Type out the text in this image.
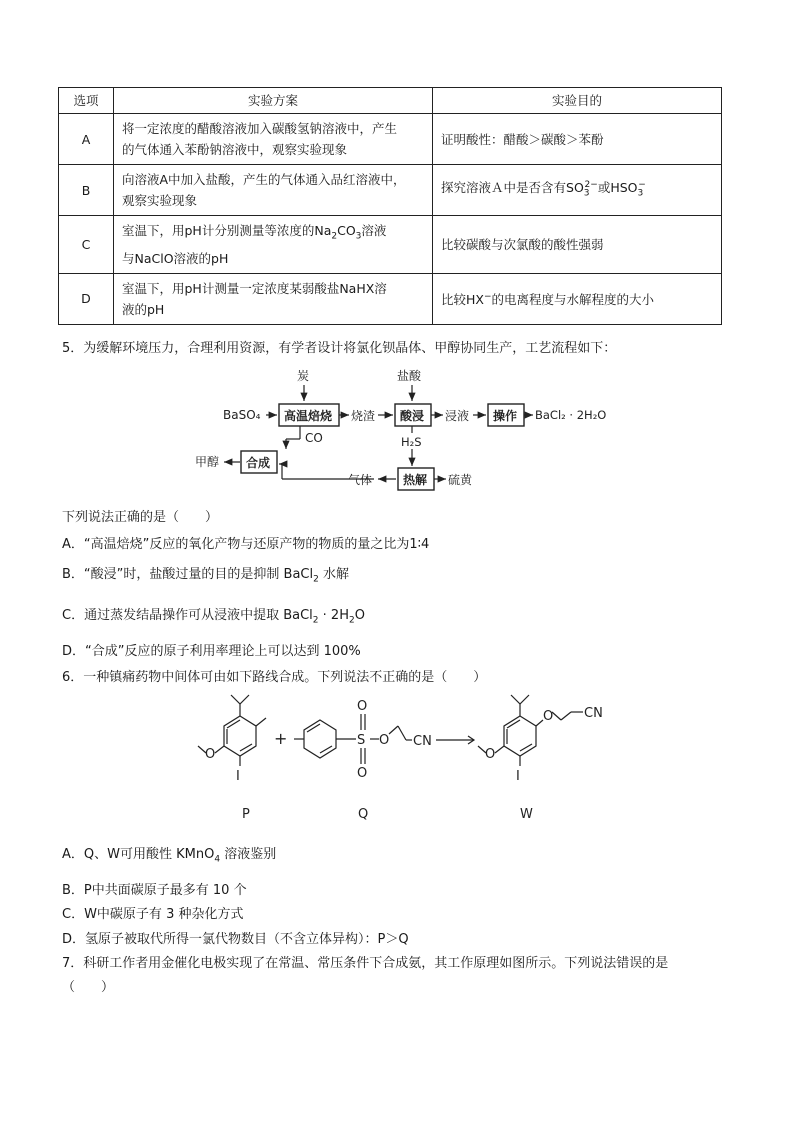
选项	实验方案	实验目的
A	将一定浓度的醋酸溶液加入碳酸氢钠溶液中，产生
的气体通入苯酚钠溶液中，观察实验现象	证明酸性：醋酸＞碳酸＞苯酚
B	向溶液A中加入盐酸，产生的气体通入品红溶液中，
观察实验现象	探究溶液Ａ中是否含有$SO_3^{2-}$或$HSO_3^-$
C	室温下，用pH计分别测量等浓度的$Na_2CO_3$溶液
与NaClO溶液的pH	比较碳酸与次氯酸的酸性强弱
D	室温下，用pH计测量一定浓度某弱酸盐NaHX溶
液的pH	比较HX−的电离程度与水解程度的大小
5．为缓解环境压力，合理利用资源，有学者设计将氯化钡晶体、甲醇协同生产，工艺流程如下：
炭	盐酸
BaSO₄ 高温焙烧 烧渣 酸浸 浸液 操作 BaCl₂ · 2H₂O
CO	H₂S
甲醇 合成
气体	热解 硫黄
下列说法正确的是（　　）
A．“高温焙烧”反应的氧化产物与还原产物的物质的量之比为1∶4
B．“酸浸”时，盐酸过量的目的是抑制 BaCl$_2$ 水解
C．通过蒸发结晶操作可从浸液中提取 BaCl$_2$ · $2H_2O$
D．“合成”反应的原子利用率理论上可以达到 100%
6．一种镇痛药物中间体可由如下路线合成。下列说法不正确的是（　　）
O
I
+	S
O
O
O CN
O
O CN
I
P	Q	W
A．Q、W可用酸性 KMnO$_4$ 溶液鉴别
B．P中共面碳原子最多有 10 个
C．W中碳原子有 3 种杂化方式
D．氢原子被取代所得一氯代物数目（不含立体异构）：P＞Q
7．科研工作者用金催化电极实现了在常温、常压条件下合成氨，其工作原理如图所示。下列说法错误的是
（　　）
